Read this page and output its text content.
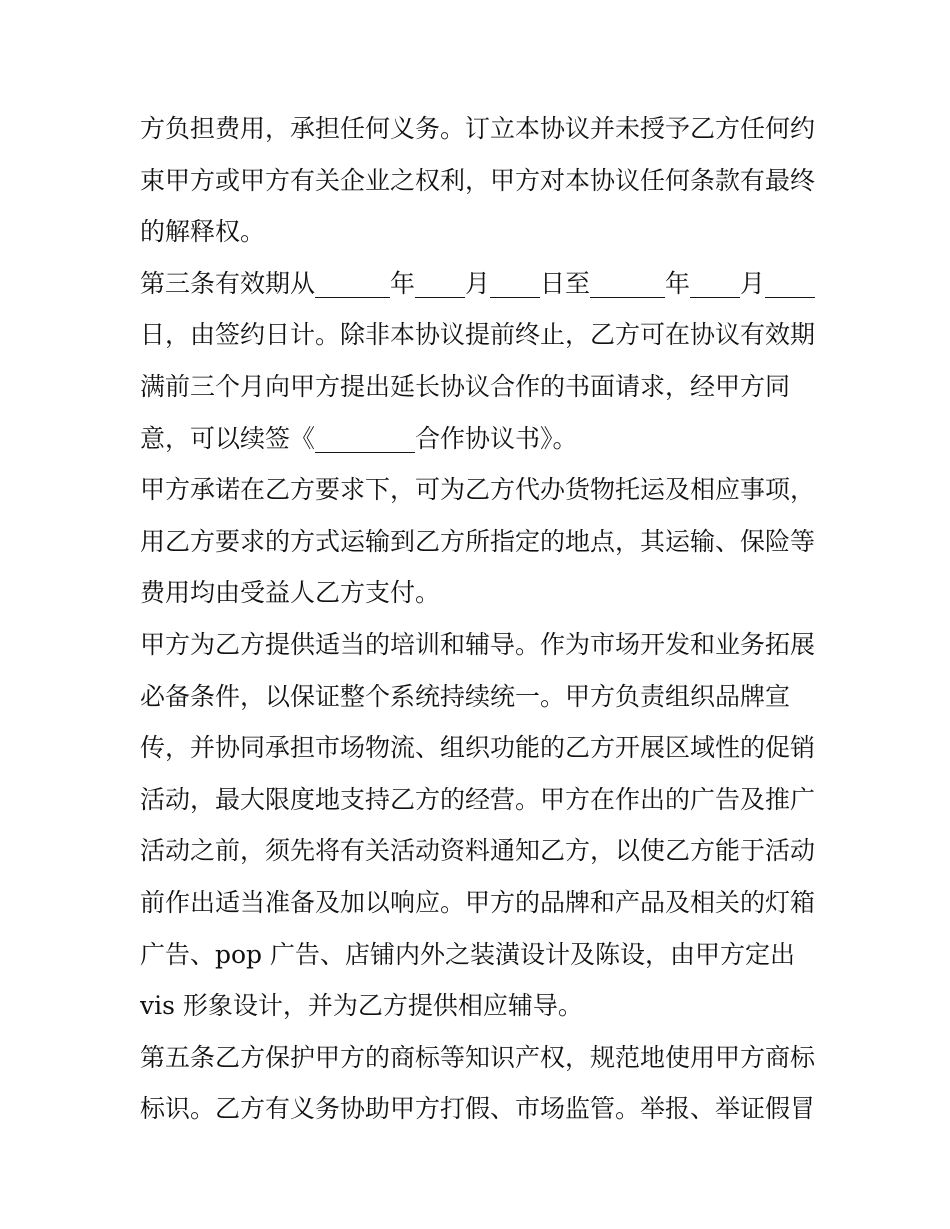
方负担费用，承担任何义务。订立本协议并未授予乙方任何约
束甲方或甲方有关企业之权利，甲方对本协议任何条款有最终
的解释权。
第三条有效期从______年____月____日至______年____月____
日，由签约日计。除非本协议提前终止，乙方可在协议有效期
满前三个月向甲方提出延长协议合作的书面请求，经甲方同
意，可以续签《________合作协议书》。
甲方承诺在乙方要求下，可为乙方代办货物托运及相应事项，
用乙方要求的方式运输到乙方所指定的地点，其运输、保险等
费用均由受益人乙方支付。
甲方为乙方提供适当的培训和辅导。作为市场开发和业务拓展
必备条件，以保证整个系统持续统一。甲方负责组织品牌宣
传，并协同承担市场物流、组织功能的乙方开展区域性的促销
活动，最大限度地支持乙方的经营。甲方在作出的广告及推广
活动之前，须先将有关活动资料通知乙方，以使乙方能于活动
前作出适当准备及加以响应。甲方的品牌和产品及相关的灯箱
广告、pop 广告、店铺内外之装潢设计及陈设，由甲方定出
vis 形象设计，并为乙方提供相应辅导。
第五条乙方保护甲方的商标等知识产权，规范地使用甲方商标
标识。乙方有义务协助甲方打假、市场监管。举报、举证假冒
